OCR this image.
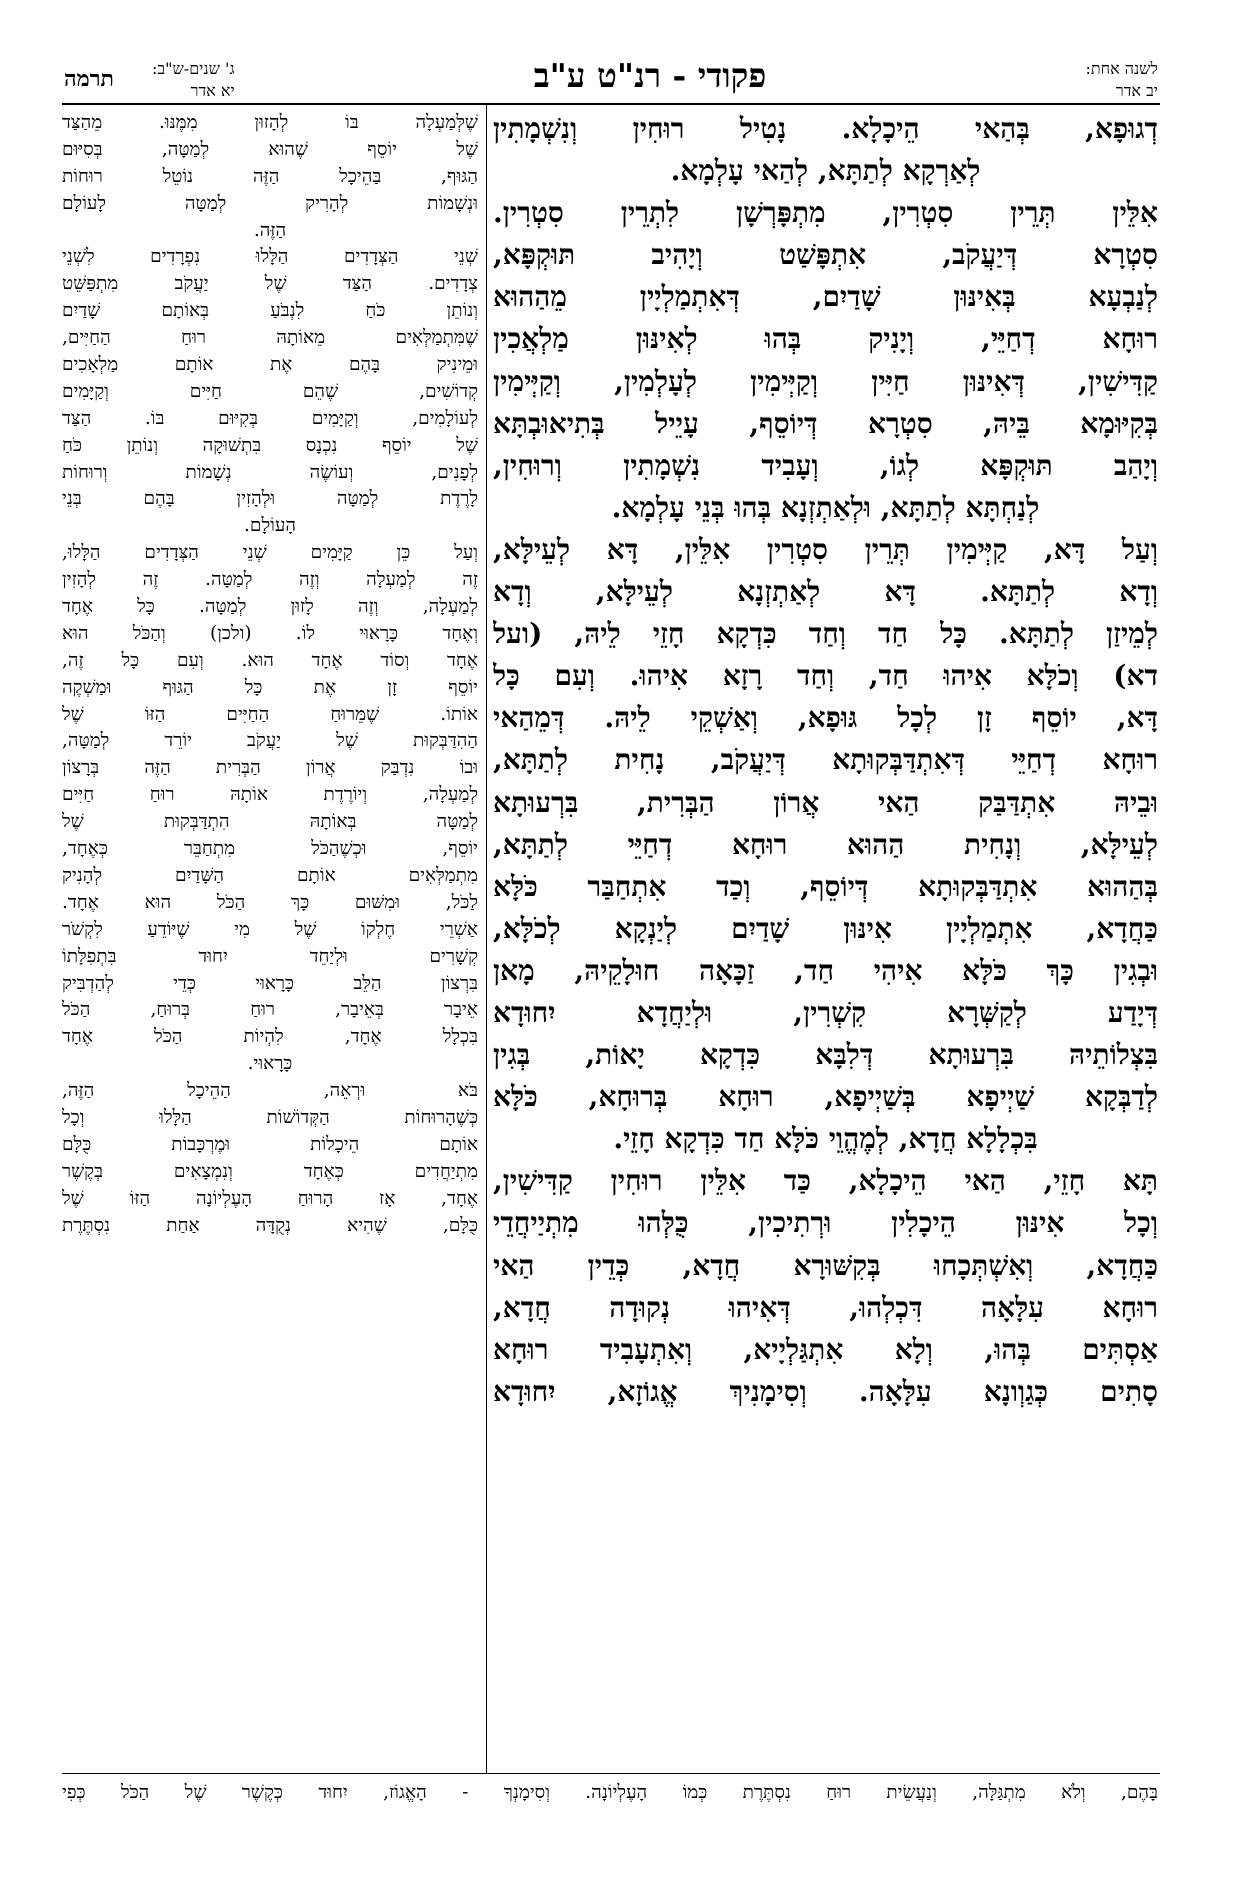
לשנה אחת:
יב אדר
פקודי - רנ"ט ע"ב
ג' שנים-ש"ב:
יא אדר
תרמה
דְגוּפָא, בְּהַאי הֵיכָלָא. נָטִיל רוּחִין וְנִשְׁמָתִין
לְאַרְקָא לְתַתָּא, לְהַאי עָלְמָא.
אִלֵּין תְּרֵין סִטְרִין, מִתְפָּרְשָׁן לִתְרֵין סִטְרִין.
סִטְרָא דְּיַעֲקֹב, אִתְפָּשַׁט וְיָהִיב תּוּקְפָּא,
לְנַבְעָא בְּאִינּוּן שָׁדַיִם, דְּאִתְמַלְיָין מֵהַהוּא
רוּחָא דְחַיֵּי, וְיָנִיק בְּהוּ לְאִינּוּן מַלְאֲכִין
קַדִּישִׁין, דְּאִינּוּן חַיִּין וְקַיְּימִין לְעָלְמִין, וְקַיְּימִין
בְּקִיּוּמָא בֵּיהּ, סִטְרָא דְּיוֹסֵף, עָיֵיל בְּתִיאוּבְתָּא
וְיָהַב תּוּקְפָּא לְגוֹ, וְעָבִיד נִשְׁמָתִין וְרוּחִין,
לְנַחְתָּא לְתַתָּא, וּלְאַתְזְנָא בְּהוּ בְּנֵי עָלְמָא.
וְעַל דָּא, קַיְּימִין תְּרֵין סִטְרִין אִלֵּין, דָּא לְעֵילָּא,
וְדָא לְתַתָּא. דָּא לְאַתְזְנָא לְעֵילָּא, וְדָא
לְמֵיזַן לְתַתָּא. כָּל חַד וְחַד כִּדְקָא חָזֵי לֵיהּ, (ועל
דא) וְכֹלָּא אִיהוּ חַד, וְחַד רָזָא אִיהוּ. וְעִם כָּל
דָּא, יוֹסֵף זָן לְכָל גּוּפָא, וְאַשְׁקֵי לֵיהּ. דְּמֵהַאי
רוּחָא דְחַיֵּי דְּאִתְדַּבְּקוּתָא דְּיַעֲקֹב, נָחִית לְתַתָּא,
וּבֵיהּ אִתְדַּבַּק הַאי אֲרוֹן הַבְּרִית, בִּרְעוּתָא
לְעֵילָּא, וְנָחִית הַהוּא רוּחָא דְחַיֵּי לְתַתָּא,
בְּהַהוּא אִתְדַּבְּקוּתָא דְּיוֹסֵף, וְכַד אִתְחַבַּר כֹּלָּא
כַּחֲדָא, אִתְמַלְיָין אִינּוּן שָׁדַיִם לְיַנְקָא לְכֹלָּא,
וּבְגִין כָּךְ כֹּלָּא אִיהִי חַד, זַכָּאָה חוּלָקֵיהּ, מָאן
דְּיָדַע לְקַשְּׁרָא קִשְׁרִין, וּלְיַחֲדָא יִחוּדָא
בִּצְלוֹתֵיהּ בִּרְעוּתָא דְּלִבָּא כִּדְקָא יָאוֹת, בְּגִין
לְדַבְּקָא שַׁיְיפָא בְּשַׁיְיפָא, רוּחָא בְּרוּחָא, כֹּלָּא
בִּכְלָלָא חֲדָא, לְמֶהֱוֵי כֹּלָּא חַד כִּדְקָא חָזֵי.
תָּא חָזֵי, הַאי הֵיכָלָא, כַּד אִלֵּין רוּחִין קַדִּישִׁין,
וְכָל אִינּוּן הֵיכָלִין וּרְתִיכִין, כֻּלְּהוּ מִתְיַיחֲדֵי
כַּחֲדָא, וְאִשְׁתְּכָחוּ בְּקִשּׁוּרָא חֲדָא, כְּדֵין הַאי
רוּחָא עִלָּאָה דִּכְלְהוּ, דְּאִיהוּ נְקוּדָה חֲדָא,
אַסְתִּים בְּהוּ, וְלָא אִתְגַּלְיָיא, וְאִתְעָבִיד רוּחָא
סָתִים כְּגַוְונָא עִלָּאָה. וְסִימָנִיךְ אֱגוֹזָא, יִחוּדָא
שֶׁלְּמַעְלָה בּוֹ לְהָזוּן מִמֶּנּוּ. מֵהַצַּד
שֶׁל יוֹסֵף שֶׁהוּא לְמַטָּה, בְּסִיּוּם
הַגּוּף, בַּהֵיכָל הַזֶּה נוֹטֵל רוּחוֹת
וּנְשָׁמוֹת לְהָרִיק לְמַטָּה לָעוֹלָם
הַזֶּה.
שְׁנֵי הַצְּדָדִים הַלָּלוּ נִפְרָדִים לִשְׁנֵי
צְדָדִים. הַצַּד שֶׁל יַעֲקֹב מִתְפַּשֵּׁט
וְנוֹתֵן כֹּחַ לִנְבֹּעַ בְּאוֹתָם שָׁדַיִם
שֶׁמִּתְמַלְּאִים מֵאוֹתָהּ רוּחַ הַחַיִּים,
וּמֵינִיק בָּהֶם אֶת אוֹתָם מַלְאָכִים
קְדוֹשִׁים, שֶׁהֵם חַיִּים וְקַיָּמִים
לְעוֹלָמִים, וְקַיָּמִים בְּקִיּוּם בּוֹ. הַצַּד
שֶׁל יוֹסֵף נִכְנָס בִּתְשׁוּקָה וְנוֹתֵן כֹּחַ
לְפָנִים, וְעוֹשֶׂה נְשָׁמוֹת וְרוּחוֹת
לָרֶדֶת לְמַטָּה וּלְהָזִין בָּהֶם בְּנֵי
הָעוֹלָם.
וְעַל כֵּן קַיָּמִים שְׁנֵי הַצְּדָדִים הַלָּלוּ,
זֶה לְמַעְלָה וְזֶה לְמַטָּה. זֶה לְהָזִין
לְמַעְלָה, וְזֶה לָזוּן לְמַטָּה. כָּל אֶחָד
וְאֶחָד כָּרָאוּי לוֹ. (ולכן) וְהַכֹּל הוּא
אֶחָד וְסוֹד אֶחָד הוּא. וְעִם כָּל זֶה,
יוֹסֵף זָן אֶת כָּל הַגּוּף וּמַשְׁקֶה
אוֹתוֹ. שֶׁמֵּרוּחַ הַחַיִּים הַזּוֹ שֶׁל
הַהִדַּבְּקוּת שֶׁל יַעֲקֹב יוֹרֵד לְמַטָּה,
וּבוֹ נִדְבַּק אֲרוֹן הַבְּרִית הַזֶּה בְּרָצוֹן
לְמַעְלָה, וְיוֹרֶדֶת אוֹתָהּ רוּחַ חַיִּים
לְמַטָּה בְּאוֹתָהּ הִתְדַּבְּקוּת שֶׁל
יוֹסֵף, וּכְשֶׁהַכֹּל מִתְחַבֵּר כְּאֶחָד,
מִתְמַלְּאִים אוֹתָם הַשָּׁדַיִם לְהָנִיק
לַכֹּל, וּמִשּׁוּם כָּךְ הַכֹּל הוּא אֶחָד.
אַשְׁרֵי חֶלְקוֹ שֶׁל מִי שֶׁיּוֹדֵעַ לִקְשֹׁר
קְשָׁרִים וּלְיַחֵד יִחוּד בִּתְפִלָּתוֹ
בִּרְצוֹן הַלֵּב כָּרָאוּי כְּדֵי לְהַדְבִּיק
אֵיבָר בְּאֵיבָר, רוּחַ בְּרוּחַ, הַכֹּל
בִּכְלָל אֶחָד, לִהְיוֹת הַכֹּל אֶחָד
כָּרָאוּי.
בֹּא וּרְאֵה, הַהֵיכָל הַזֶּה,
כְּשֶׁהָרוּחוֹת הַקְּדוֹשׁוֹת הַלָּלוּ וְכָל
אוֹתָם הֵיכָלוֹת וּמֶרְכָּבוֹת כֻּלָּם
מִתְיַחֲדִים כְּאֶחָד וְנִמְצָאִים בְּקֶשֶׁר
אֶחָד, אָז הָרוּחַ הָעֶלְיוֹנָה הַזּוֹ שֶׁל
כֻּלָּם, שֶׁהִיא נְקֻדָּה אַחַת נִסְתֶּרֶת
בָּהֶם, וְלֹא מִתְגַּלָּה, וְנַעֲשֵׂית רוּחַ נִסְתֶּרֶת כְּמוֹ הָעֶלְיוֹנָה. וְסִימָנְךָ - הָאֱגוֹז, יִחוּד כְּקֶשֶׁר שֶׁל הַכֹּל כְּפִי
